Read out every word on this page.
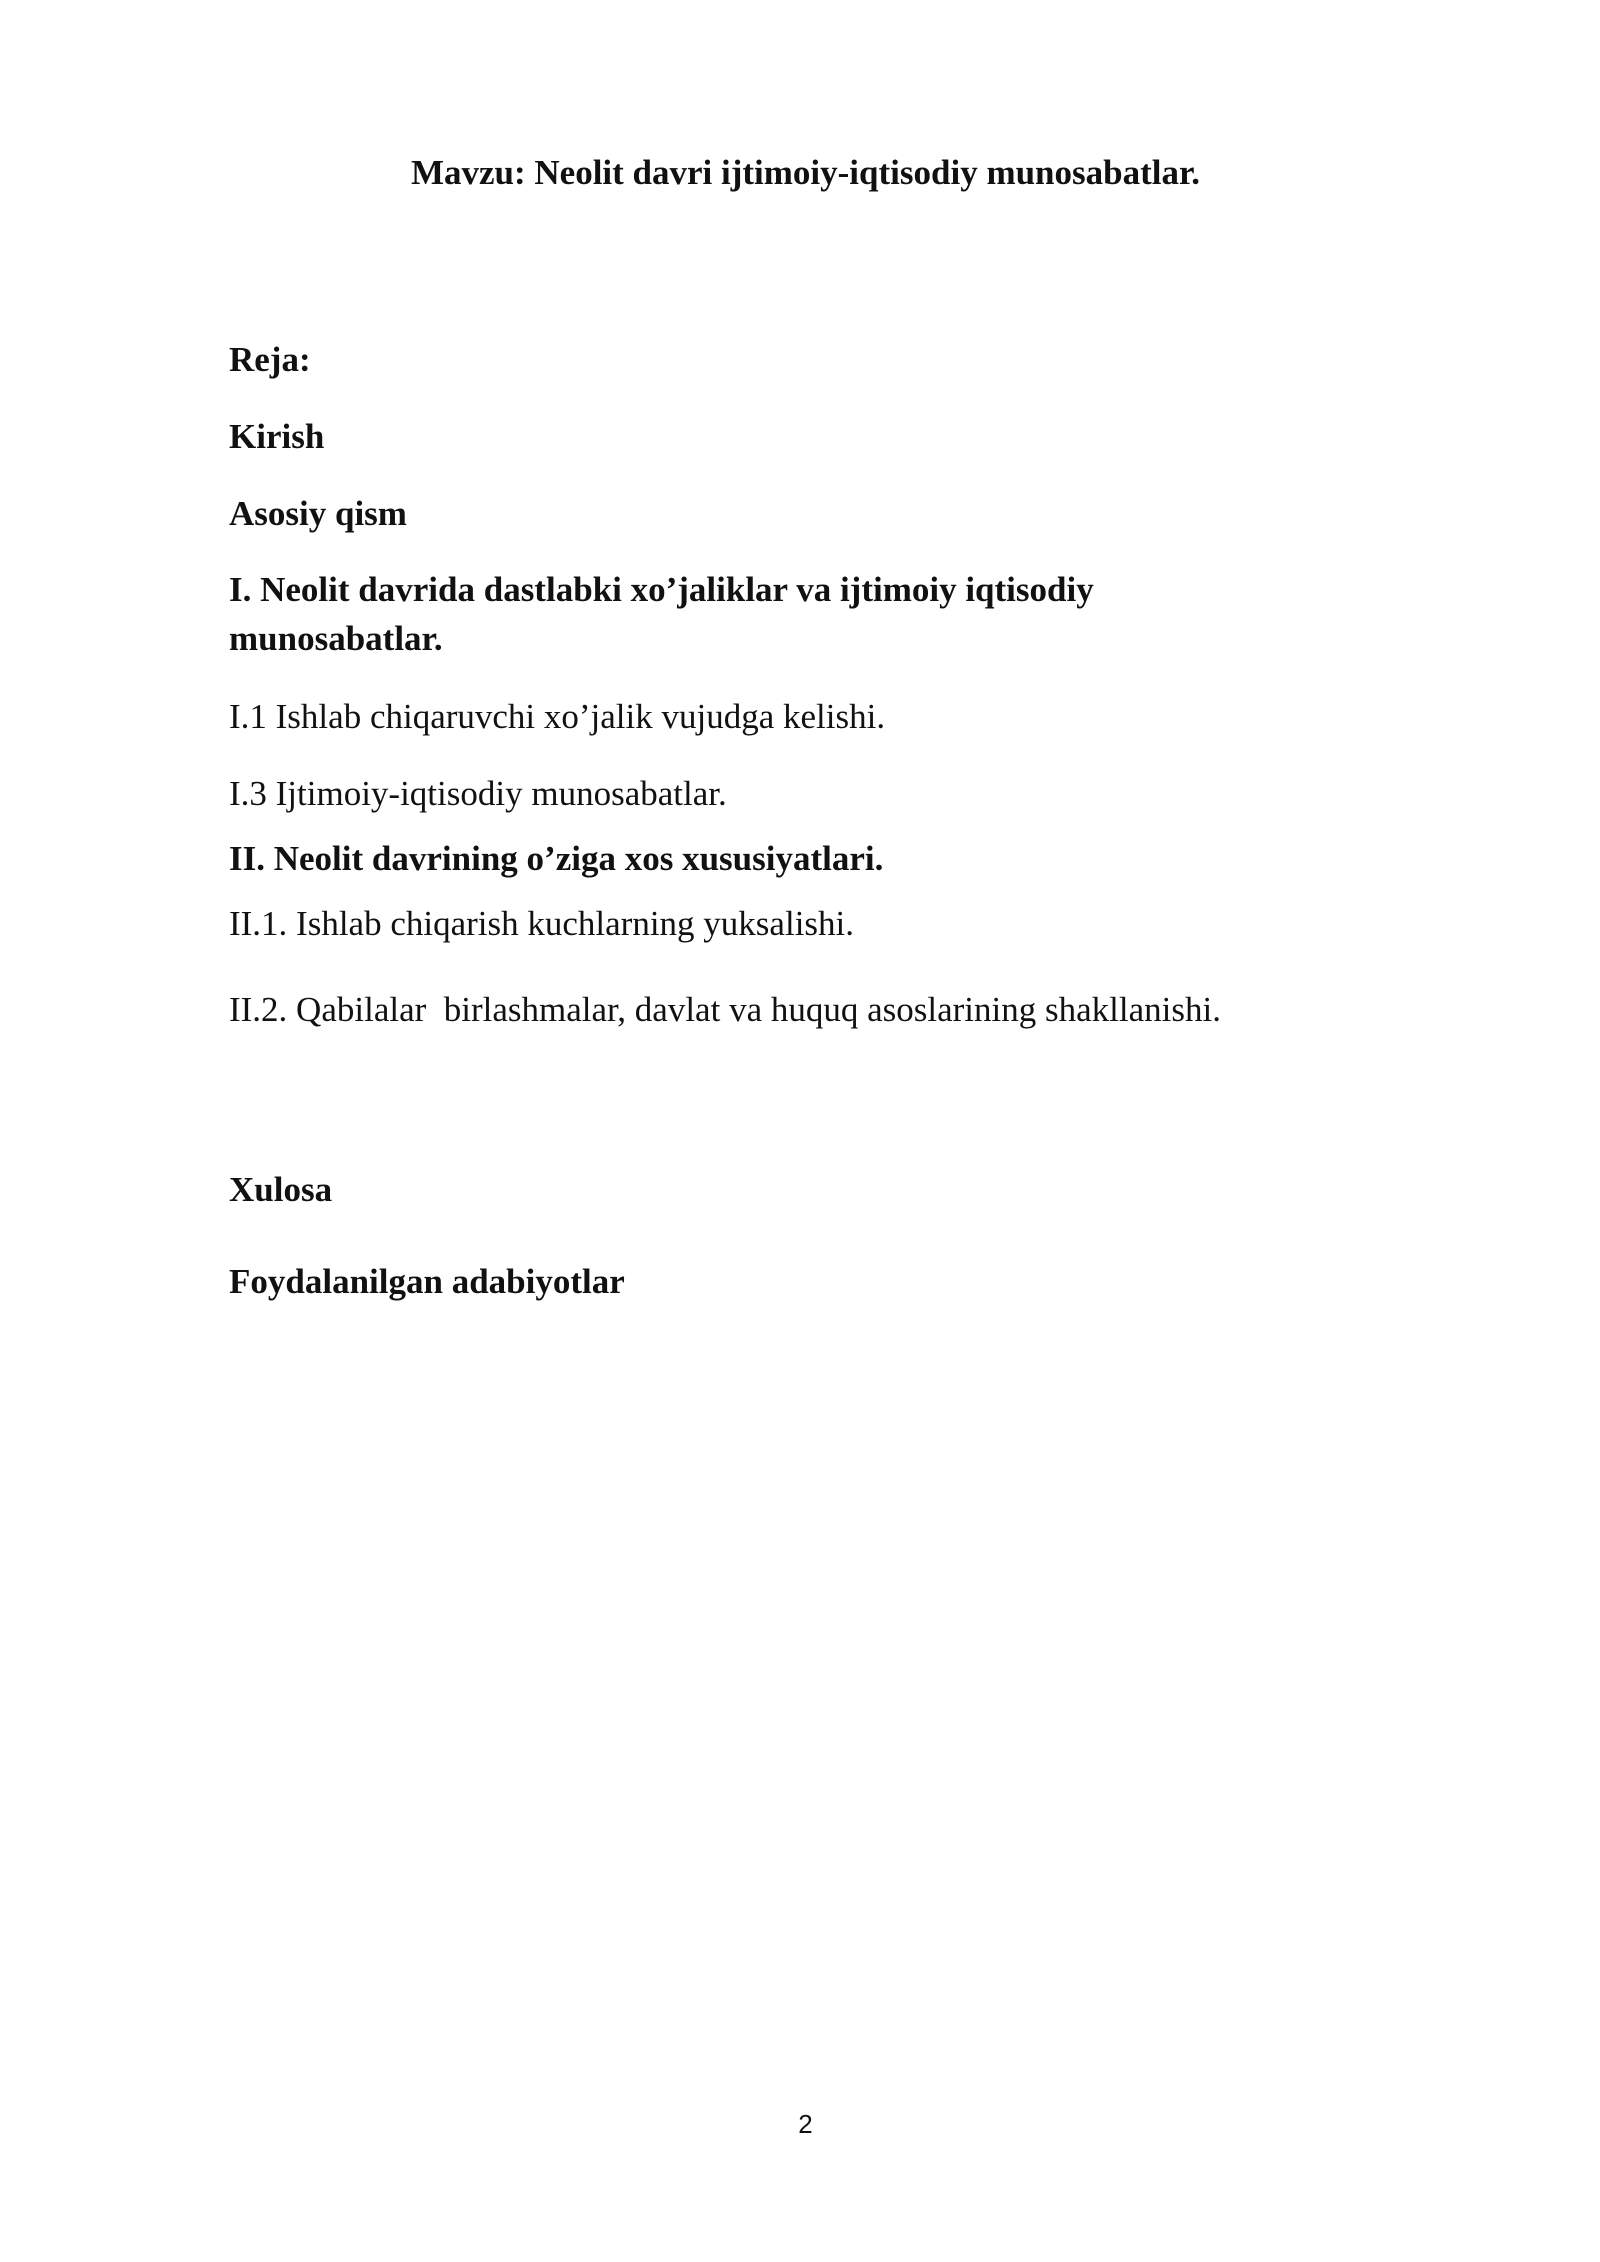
Mavzu: Neolit davri ijtimoiy-iqtisodiy munosabatlar.

Reja:

Kirish

Asosiy qism

I. Neolit davrida dastlabki xo’jaliklar va ijtimoiy iqtisodiy munosabatlar.

I.1 Ishlab chiqaruvchi xo’jalik vujudga kelishi.

I.3 Ijtimoiy-iqtisodiy munosabatlar.

II. Neolit davrining o’ziga xos xususiyatlari.

II.1. Ishlab chiqarish kuchlarning yuksalishi.

II.2. Qabilalar  birlashmalar, davlat va huquq asoslarining shakllanishi.

Xulosa

Foydalanilgan adabiyotlar

2
